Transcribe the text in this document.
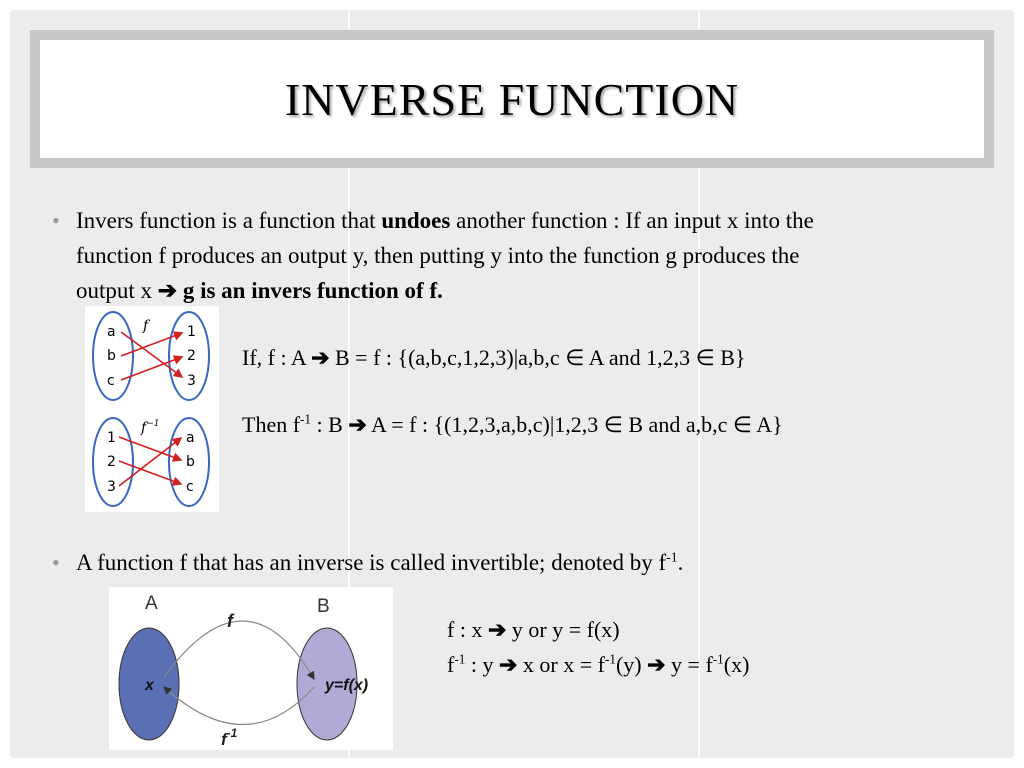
INVERSE FUNCTION
• Invers function is a function that undoes another function : If an input x into the
function f produces an output y, then putting y into the function g produces the
output x ➔ g is an invers function of f.
f
a
b
c
1
2
3
$f^{-1}$
1
2
3
a
b
c
If, f : A ➔ B = f : {(a,b,c,1,2,3)|a,b,c ∈ A and 1,2,3 ∈ B}
Then $f^{-1}$ : B ➔ A = f : {(1,2,3,a,b,c)|1,2,3 ∈ B and a,b,c ∈ A}
• A function f that has an inverse is called invertible; denoted by $f^{-1}$.
A	B
f
x	y=f(x)
$f^{-1}$
f : x ➔ y or y = f(x)
$f^{-1}$ : y ➔ x or $x = f^{-1}(y)$ ➔ $y = f^{-1}(x)$
